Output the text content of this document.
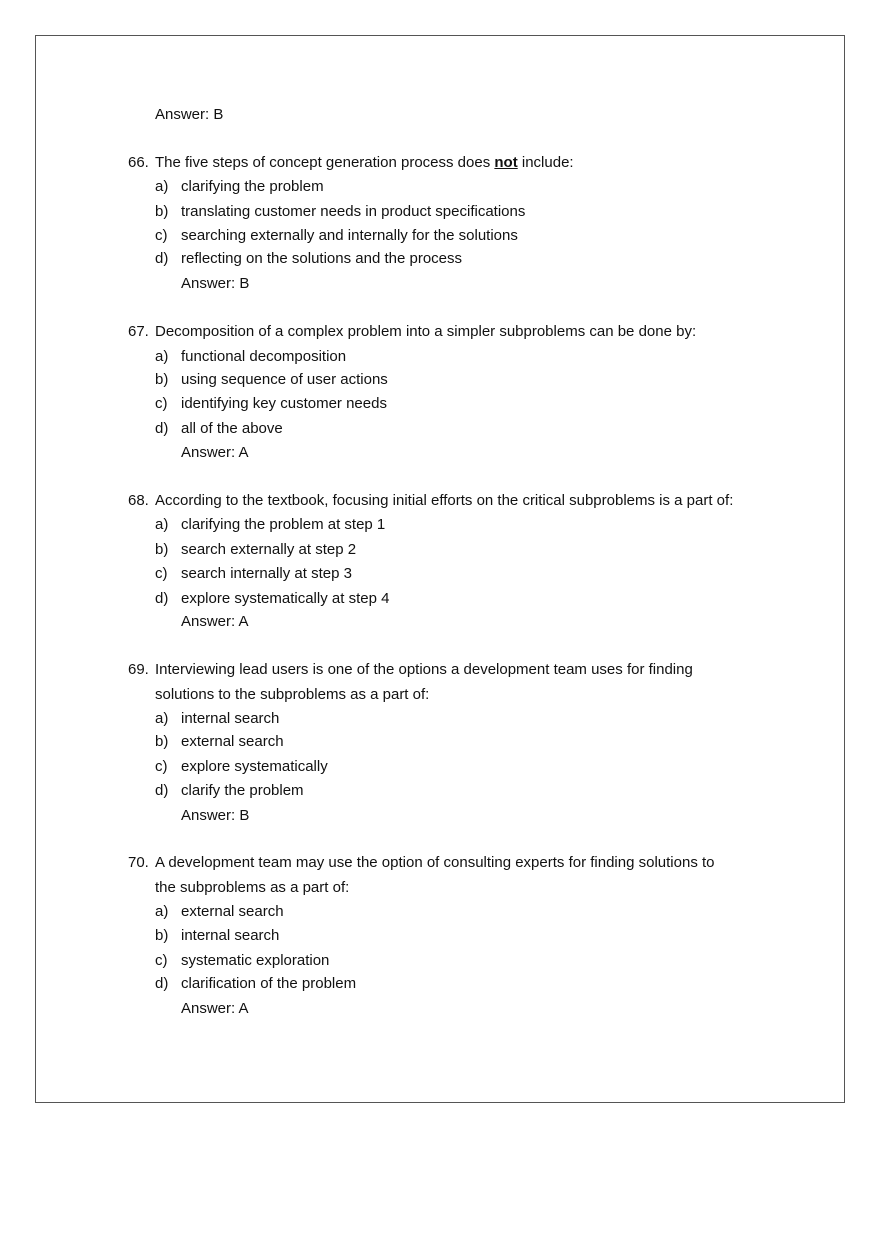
Answer: B
66. The five steps of concept generation process does not include:
a) clarifying the problem
b) translating customer needs in product specifications
c) searching externally and internally for the solutions
d) reflecting on the solutions and the process
Answer: B
67. Decomposition of a complex problem into a simpler subproblems can be done by:
a) functional decomposition
b) using sequence of user actions
c) identifying key customer needs
d) all of the above
Answer: A
68. According to the textbook, focusing initial efforts on the critical subproblems is a part of:
a) clarifying the problem at step 1
b) search externally at step 2
c) search internally at step 3
d) explore systematically at step 4
Answer: A
69. Interviewing lead users is one of the options a development team uses for finding
solutions to the subproblems as a part of:
a) internal search
b) external search
c) explore systematically
d) clarify the problem
Answer: B
70. A development team may use the option of consulting experts for finding solutions to
the subproblems as a part of:
a) external search
b) internal search
c) systematic exploration
d) clarification of the problem
Answer: A
